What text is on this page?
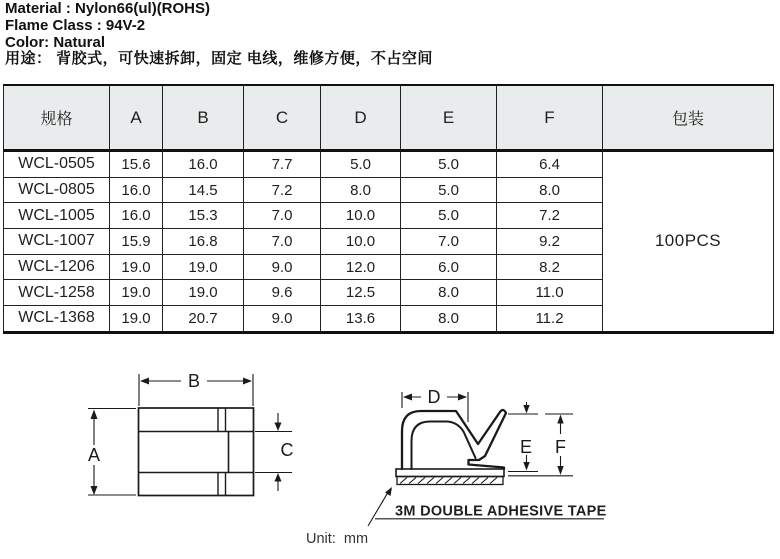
Material : Nylon66(ul)(ROHS)
Flame Class : 94V-2
Color: Natural
用途： 背胶式，可快速拆卸，固定 电线，维修方便，不占空间
规格	A	B	C	D	E	F	包装
WCL-0505	15.6	16.0	7.7	5.0	5.0	6.4	100PCS
WCL-0805	16.0	14.5	7.2	8.0	5.0	8.0	
WCL-1005	16.0	15.3	7.0	10.0	5.0	7.2	
WCL-1007	15.9	16.8	7.0	10.0	7.0	9.2	
WCL-1206	19.0	19.0	9.0	12.0	6.0	8.2	
WCL-1258	19.0	19.0	9.6	12.5	8.0	11.0	
WCL-1368	19.0	20.7	9.0	13.6	8.0	11.2	
B
A	C
D
E F
3M DOUBLE ADHESIVE TAPE
Unit:  mm
